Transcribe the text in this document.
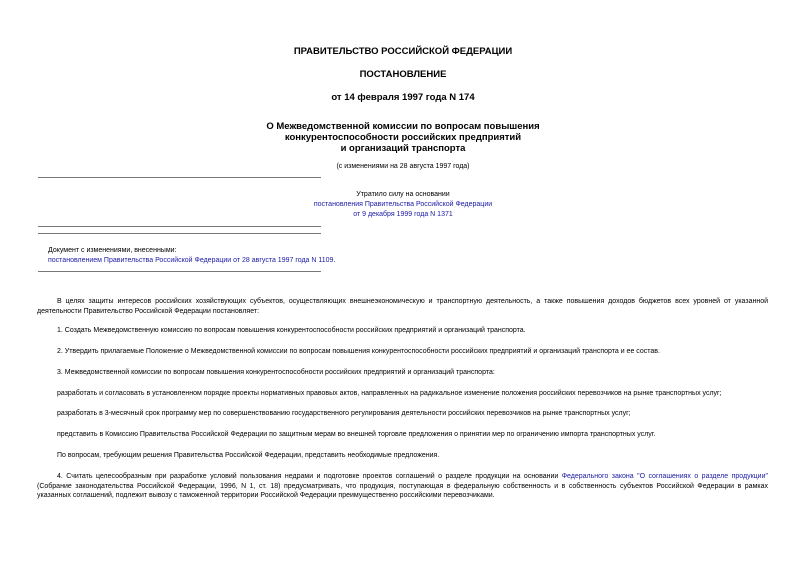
ПРАВИТЕЛЬСТВО РОССИЙСКОЙ ФЕДЕРАЦИИ
ПОСТАНОВЛЕНИЕ
от 14 февраля 1997 года N 174
О Межведомственной комиссии по вопросам повышения
конкурентоспособности российских предприятий
и организаций транспорта
(с изменениями на 28 августа 1997 года)
Утратило силу на основании
постановления Правительства Российской Федерации
от 9 декабря 1999 года N 1371
Документ с изменениями, внесенными:
постановлением Правительства Российской Федерации от 28 августа 1997 года N 1109.
В целях защиты интересов российских хозяйствующих субъектов, осуществляющих внешнеэкономическую и транспортную деятельность, а также повышения доходов бюджетов всех уровней от указанной деятельности Правительство Российской Федерации постановляет:
1. Создать Межведомственную комиссию по вопросам повышения конкурентоспособности российских предприятий и организаций транспорта.
2. Утвердить прилагаемые Положение о Межведомственной комиссии по вопросам повышения конкурентоспособности российских предприятий и организаций транспорта и ее состав.
3. Межведомственной комиссии по вопросам повышения конкурентоспособности российских предприятий и организаций транспорта:
разработать и согласовать в установленном порядке проекты нормативных правовых актов, направленных на радикальное изменение положения российских перевозчиков на рынке транспортных услуг;
разработать в 3-месячный срок программу мер по совершенствованию государственного регулирования деятельности российских перевозчиков на рынке транспортных услуг;
представить в Комиссию Правительства Российской Федерации по защитным мерам во внешней торговле предложения о принятии мер по ограничению импорта транспортных услуг.
По вопросам, требующим решения Правительства Российской Федерации, представить необходимые предложения.
4. Считать целесообразным при разработке условий пользования недрами и подготовке проектов соглашений о разделе продукции на основании Федерального закона "О соглашениях о разделе продукции" (Собрание законодательства Российской Федерации, 1996, N 1, ст. 18) предусматривать, что продукция, поступающая в федеральную собственность и в собственность субъектов Российской Федерации в рамках указанных соглашений, подлежит вывозу с таможенной территории Российской Федерации преимущественно российскими перевозчиками.
